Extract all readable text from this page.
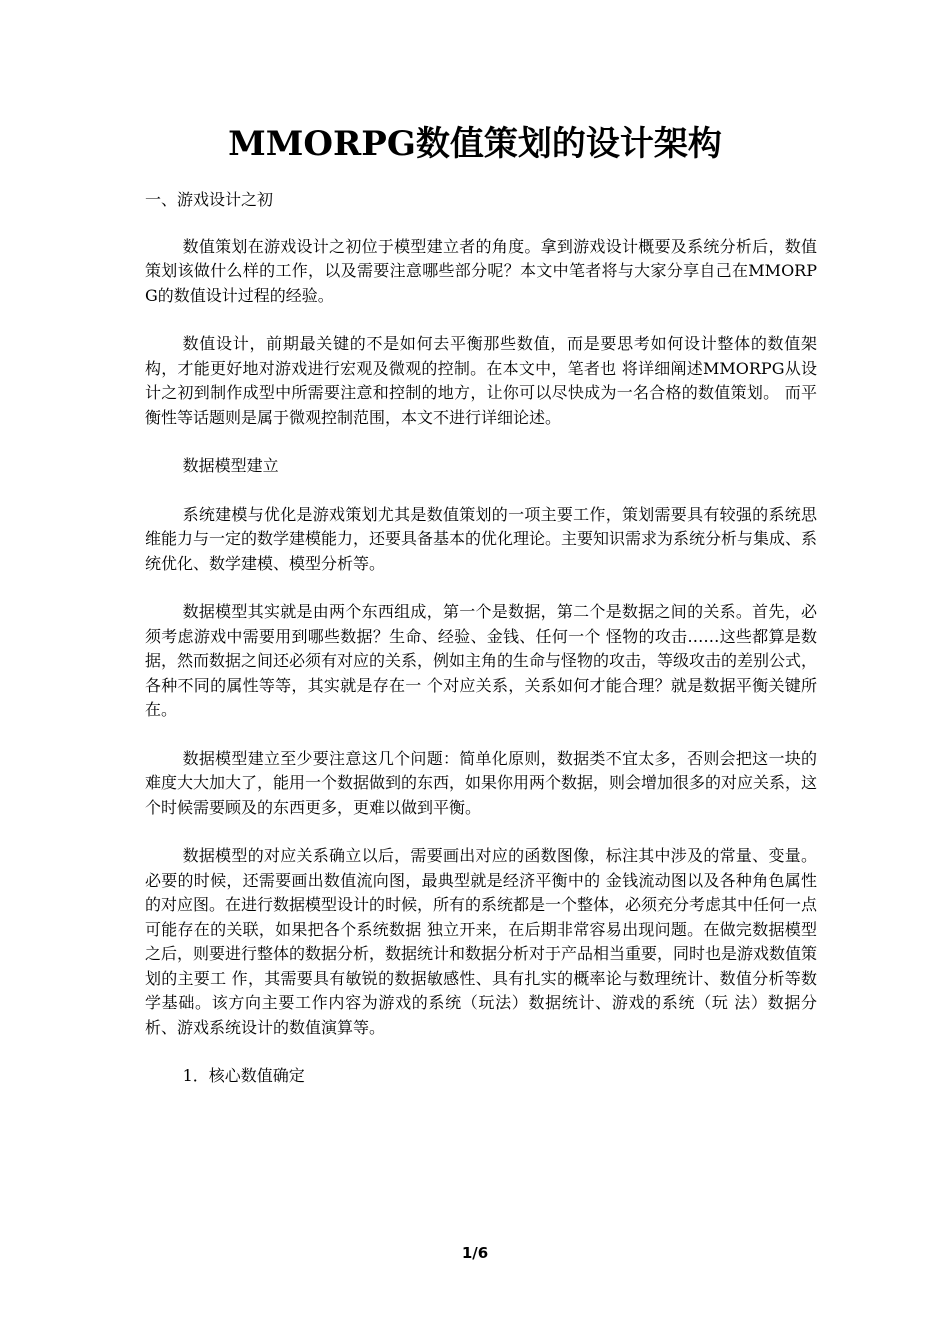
MMORPG数值策划的设计架构

一、游戏设计之初

数值策划在游戏设计之初位于模型建立者的角度。拿到游戏设计概要及系统分析后，数值策划该做什么样的工作，以及需要注意哪些部分呢？本文中笔者将与大家分享自己在MMORPG的数值设计过程的经验。

数值设计，前期最关键的不是如何去平衡那些数值，而是要思考如何设计整体的数值架构，才能更好地对游戏进行宏观及微观的控制。在本文中，笔者也 将详细阐述MMORPG从设计之初到制作成型中所需要注意和控制的地方，让你可以尽快成为一名合格的数值策划。 而平衡性等话题则是属于微观控制范围，本文不进行详细论述。

数据模型建立

系统建模与优化是游戏策划尤其是数值策划的一项主要工作，策划需要具有较强的系统思维能力与一定的数学建模能力，还要具备基本的优化理论。主要知识需求为系统分析与集成、系统优化、数学建模、模型分析等。

数据模型其实就是由两个东西组成，第一个是数据，第二个是数据之间的关系。首先，必须考虑游戏中需要用到哪些数据？生命、经验、金钱、任何一个 怪物的攻击……这些都算是数据，然而数据之间还必须有对应的关系，例如主角的生命与怪物的攻击，等级攻击的差别公式，各种不同的属性等等，其实就是存在一 个对应关系，关系如何才能合理？就是数据平衡关键所在。

数据模型建立至少要注意这几个问题：简单化原则，数据类不宜太多，否则会把这一块的难度大大加大了，能用一个数据做到的东西，如果你用两个数据，则会增加很多的对应关系，这个时候需要顾及的东西更多，更难以做到平衡。

数据模型的对应关系确立以后，需要画出对应的函数图像，标注其中涉及的常量、变量。必要的时候，还需要画出数值流向图，最典型就是经济平衡中的 金钱流动图以及各种角色属性的对应图。在进行数据模型设计的时候，所有的系统都是一个整体，必须充分考虑其中任何一点可能存在的关联，如果把各个系统数据 独立开来，在后期非常容易出现问题。在做完数据模型之后，则要进行整体的数据分析，数据统计和数据分析对于产品相当重要，同时也是游戏数值策划的主要工 作，其需要具有敏锐的数据敏感性、具有扎实的概率论与数理统计、数值分析等数学基础。该方向主要工作内容为游戏的系统（玩法）数据统计、游戏的系统（玩 法）数据分析、游戏系统设计的数值演算等。

1．核心数值确定

1/6
